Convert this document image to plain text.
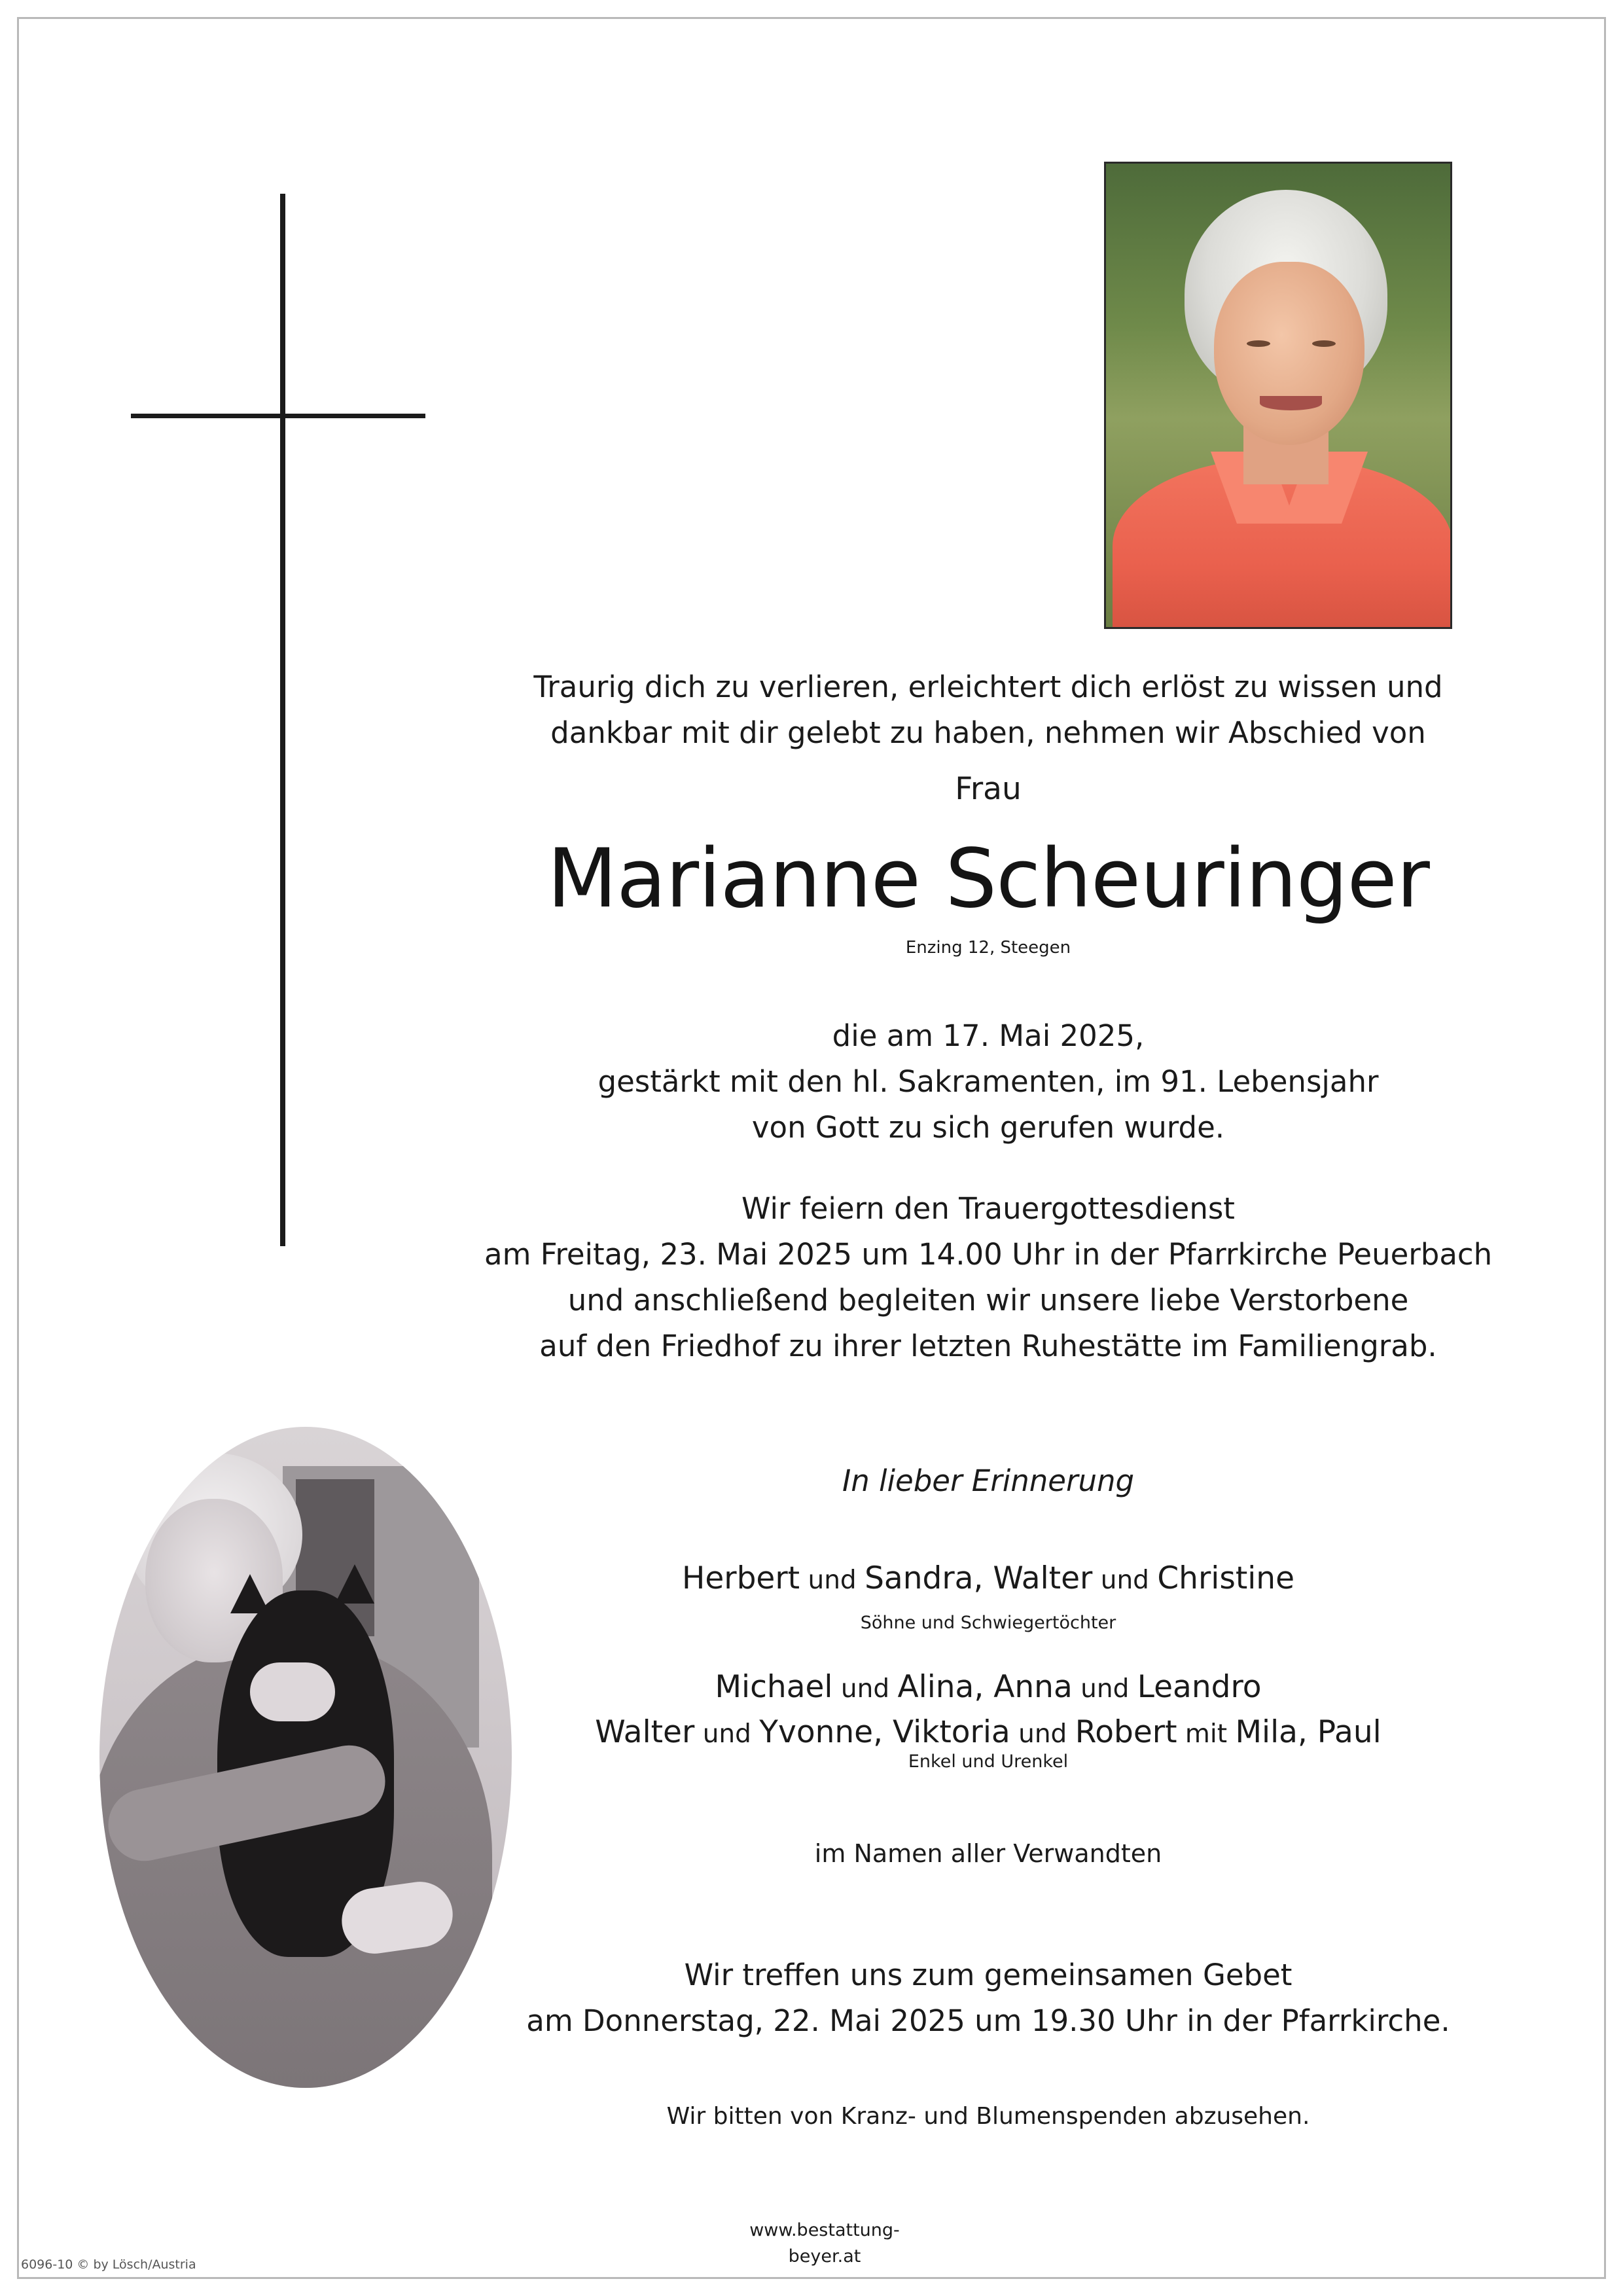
Traurig dich zu verlieren, erleichtert dich erlöst zu wissen und
dankbar mit dir gelebt zu haben, nehmen wir Abschied von
Frau
Marianne Scheuringer
Enzing 12, Steegen
die am 17. Mai 2025,
gestärkt mit den hl. Sakramenten, im 91. Lebensjahr
von Gott zu sich gerufen wurde.
Wir feiern den Trauergottesdienst
am Freitag, 23. Mai 2025 um 14.00 Uhr in der Pfarrkirche Peuerbach
und anschließend begleiten wir unsere liebe Verstorbene
auf den Friedhof zu ihrer letzten Ruhestätte im Familiengrab.
In lieber Erinnerung
Herbert und Sandra, Walter und Christine
Söhne und Schwiegertöchter
Michael und Alina, Anna und Leandro
Walter und Yvonne, Viktoria und Robert mit Mila, Paul
Enkel und Urenkel
im Namen aller Verwandten
Wir treffen uns zum gemeinsamen Gebet
am Donnerstag, 22. Mai 2025 um 19.30 Uhr in der Pfarrkirche.
Wir bitten von Kranz- und Blumenspenden abzusehen.
www.bestattung-beyer.at
6096-10 © by Lösch/Austria
